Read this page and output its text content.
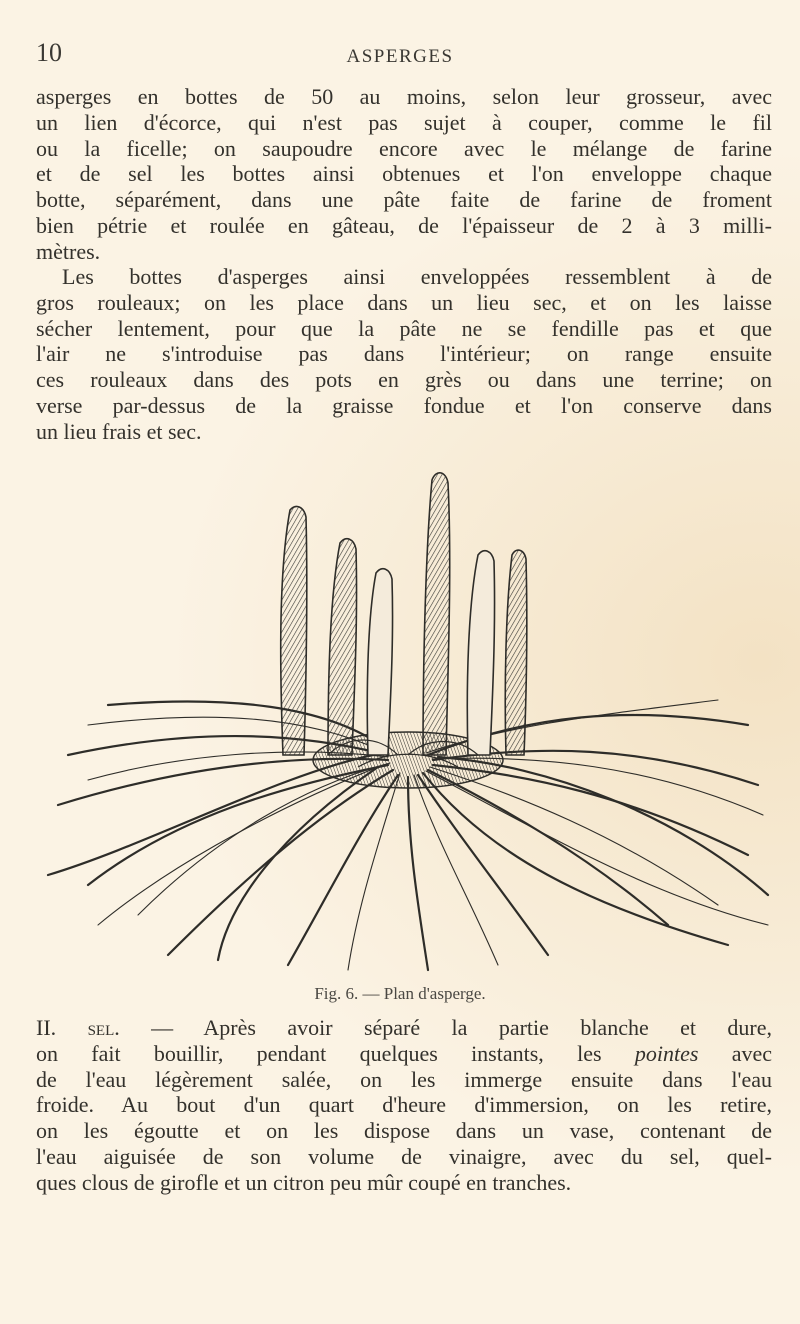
10	ASPERGES
asperges en bottes de 50 au moins, selon leur grosseur, avec
un lien d'écorce, qui n'est pas sujet à couper, comme le fil
ou la ficelle; on saupoudre encore avec le mélange de farine
et de sel les bottes ainsi obtenues et l'on enveloppe chaque
botte, séparément, dans une pâte faite de farine de froment
bien pétrie et roulée en gâteau, de l'épaisseur de 2 à 3 milli-
mètres.
Les bottes d'asperges ainsi enveloppées ressemblent à de
gros rouleaux; on les place dans un lieu sec, et on les laisse
sécher lentement, pour que la pâte ne se fendille pas et que
l'air ne s'introduise pas dans l'intérieur; on range ensuite
ces rouleaux dans des pots en grès ou dans une terrine; on
verse par-dessus de la graisse fondue et l'on conserve dans
un lieu frais et sec.
Fig. 6. — Plan d'asperge.
II. sel. — Après avoir séparé la partie blanche et dure,
on fait bouillir, pendant quelques instants, les pointes avec
de l'eau légèrement salée, on les immerge ensuite dans l'eau
froide. Au bout d'un quart d'heure d'immersion, on les retire,
on les égoutte et on les dispose dans un vase, contenant de
l'eau aiguisée de son volume de vinaigre, avec du sel, quel-
ques clous de girofle et un citron peu mûr coupé en tranches.
